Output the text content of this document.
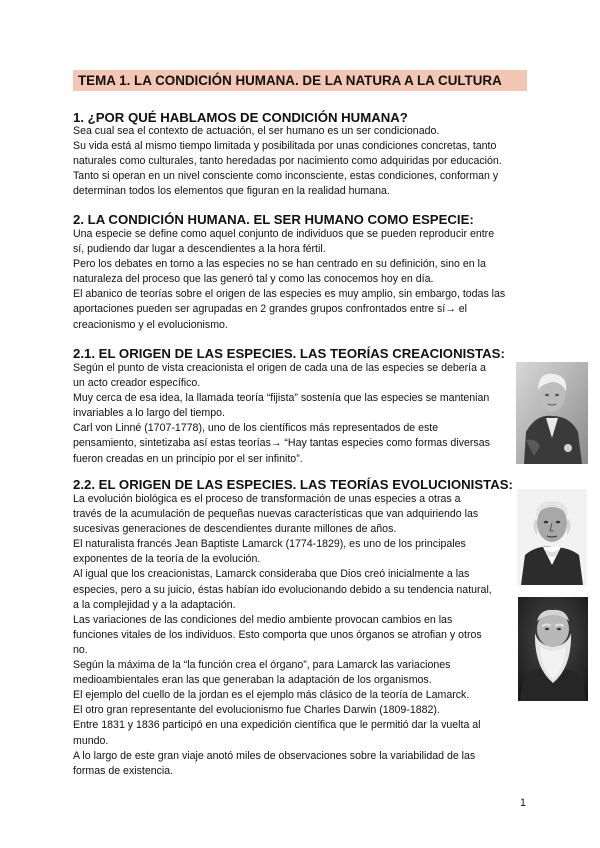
TEMA 1. LA CONDICIÓN HUMANA. DE LA NATURA A LA CULTURA
1. ¿POR QUÉ HABLAMOS DE CONDICIÓN HUMANA?
Sea cual sea el contexto de actuación, el ser humano es un ser condicionado.
Su vida está al mismo tiempo limitada y posibilitada por unas condiciones concretas, tanto
naturales como culturales, tanto heredadas por nacimiento como adquiridas por educación.
Tanto si operan en un nivel consciente como inconsciente, estas condiciones, conforman y
determinan todos los elementos que figuran en la realidad humana.
2. LA CONDICIÓN HUMANA. EL SER HUMANO COMO ESPECIE:
Una especie se define como aquel conjunto de individuos que se pueden reproducir entre
sí, pudiendo dar lugar a descendientes a la hora fértil.
Pero los debates en torno a las especies no se han centrado en su definición, sino en la
naturaleza del proceso que las generó tal y como las conocemos hoy en día.
El abanico de teorías sobre el origen de las especies es muy amplio, sin embargo, todas las
aportaciones pueden ser agrupadas en 2 grandes grupos confrontados entre sí→ el
creacionismo y el evolucionismo.
2.1. EL ORIGEN DE LAS ESPECIES. LAS TEORÍAS CREACIONISTAS:
Según el punto de vista creacionista el origen de cada una de las especies se debería a
un acto creador específico.
Muy cerca de esa idea, la llamada teoría “fijista” sostenía que las especies se mantenian
invariables a lo largo del tiempo.
Carl von Linné (1707-1778), uno de los científicos más representados de este
pensamiento, sintetizaba así estas teorías→ “Hay tantas especies como formas diversas
fueron creadas en un principio por el ser infinito”.
2.2. EL ORIGEN DE LAS ESPECIES. LAS TEORÍAS EVOLUCIONISTAS:
La evolución biológica es el proceso de transformación de unas especies a otras a
través de la acumulación de pequeñas nuevas características que van adquiriendo las
sucesivas generaciones de descendientes durante millones de años.
El naturalista francés Jean Baptiste Lamarck (1774-1829), es uno de los principales
exponentes de la teoría de la evolución.
Al igual que los creacionistas, Lamarck consideraba que Dios creó inicialmente a las
especies, pero a su juicio, éstas habían ido evolucionando debido a su tendencia natural,
a la complejidad y a la adaptación.
Las variaciones de las condiciones del medio ambiente provocan cambios en las
funciones vitales de los individuos. Esto comporta que unos órganos se atrofian y otros
no.
Según la máxima de la “la función crea el órgano”, para Lamarck las variaciones
medioambientales eran las que generaban la adaptación de los organismos.
El ejemplo del cuello de la jordan es el ejemplo más clásico de la teoría de Lamarck.
El otro gran representante del evolucionismo fue Charles Darwin (1809-1882).
Entre 1831 y 1836 participó en una expedición científica que le permitió dar la vuelta al
mundo.
A lo largo de este gran viaje anotó miles de observaciones sobre la variabilidad de las
formas de existencia.
1
